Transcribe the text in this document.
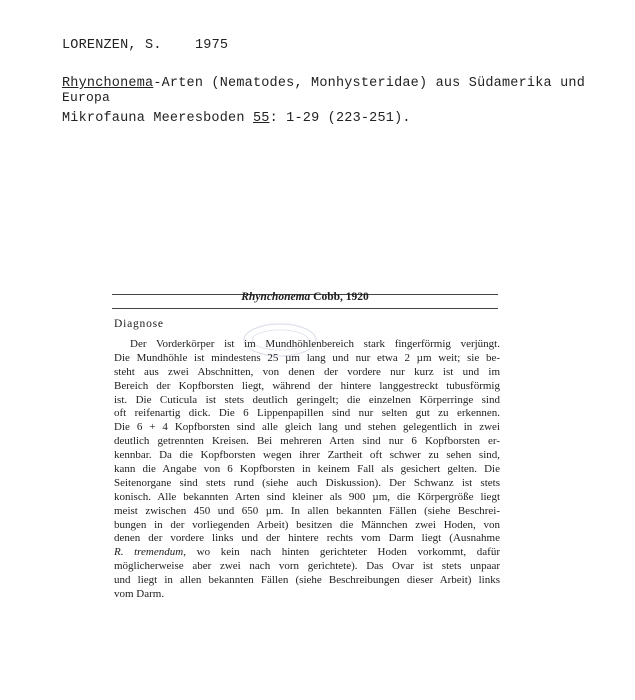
LORENZEN, S. 1975
Rhynchonema-Arten (Nematodes, Monhysteridae) aus Südamerika und
Europa
Mikrofauna Meeresboden 55: 1-29 (223-251).
Rhynchonema Cobb, 1920
Diagnose
Der Vorderkörper ist im Mundhöhlenbereich stark fingerförmig verjüngt.
Die Mundhöhle ist mindestens 25 µm lang und nur etwa 2 µm weit; sie be-
steht aus zwei Abschnitten, von denen der vordere nur kurz ist und im
Bereich der Kopfborsten liegt, während der hintere langgestreckt tubusförmig
ist. Die Cuticula ist stets deutlich geringelt; die einzelnen Körperringe sind
oft reifenartig dick. Die 6 Lippenpapillen sind nur selten gut zu erkennen.
Die 6 + 4 Kopfborsten sind alle gleich lang und stehen gelegentlich in zwei
deutlich getrennten Kreisen. Bei mehreren Arten sind nur 6 Kopfborsten er-
kennbar. Da die Kopfborsten wegen ihrer Zartheit oft schwer zu sehen sind,
kann die Angabe von 6 Kopfborsten in keinem Fall als gesichert gelten. Die
Seitenorgane sind stets rund (siehe auch Diskussion). Der Schwanz ist stets
konisch. Alle bekannten Arten sind kleiner als 900 µm, die Körpergröße liegt
meist zwischen 450 und 650 µm. In allen bekannten Fällen (siehe Beschrei-
bungen in der vorliegenden Arbeit) besitzen die Männchen zwei Hoden, von
denen der vordere links und der hintere rechts vom Darm liegt (Ausnahme
R. tremendum, wo kein nach hinten gerichteter Hoden vorkommt, dafür
möglicherweise aber zwei nach vorn gerichtete). Das Ovar ist stets unpaar
und liegt in allen bekannten Fällen (siehe Beschreibungen dieser Arbeit) links
vom Darm.
